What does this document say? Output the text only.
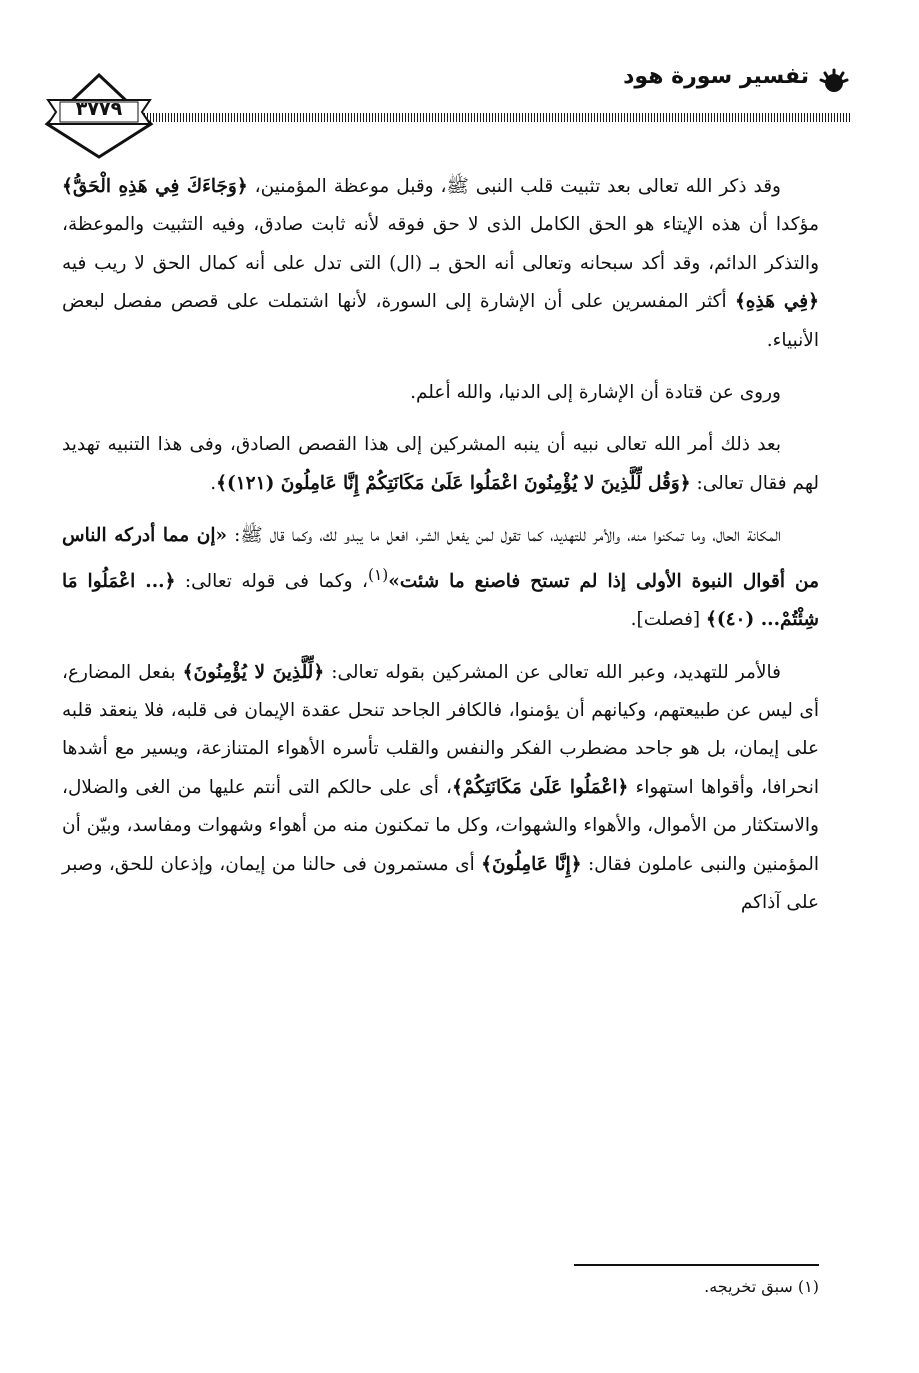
٣٧٧٩
تفسير سورة هود

وقد ذكر الله تعالى بعد تثبيت قلب النبى ﷺ، وقبل موعظة المؤمنين، ﴿وَجَاءَكَ فِي هَذِهِ الْحَقُّ﴾ مؤكدا أن هذه الإيتاء هو الحق الكامل الذى لا حق فوقه لأنه ثابت صادق، وفيه التثبيت والموعظة، والتذكر الدائم، وقد أكد سبحانه وتعالى أنه الحق بـ (ال) التى تدل على أنه كمال الحق لا ريب فيه ﴿فِي هَذِهِ﴾ أكثر المفسرين على أن الإشارة إلى السورة، لأنها اشتملت على قصص مفصل لبعض الأنبياء.

وروى عن قتادة أن الإشارة إلى الدنيا، والله أعلم.

بعد ذلك أمر الله تعالى نبيه أن ينبه المشركين إلى هذا القصص الصادق، وفى هذا التنبيه تهديد لهم فقال تعالى: ﴿وَقُل لِّلَّذِينَ لا يُؤْمِنُونَ اعْمَلُوا عَلَىٰ مَكَانَتِكُمْ إِنَّا عَامِلُونَ (١٢١)﴾.

المكانة الحال، وما تمكنوا منه، والأمر للتهديد، كما تقول لمن يفعل الشر، افعل ما يبدو لك، وكما قال ﷺ: «إن مما أدركه الناس من أقوال النبوة الأولى إذا لم تستح فاصنع ما شئت»$^{(١)}$، وكما فى قوله تعالى: ﴿... اعْمَلُوا مَا شِئْتُمْ... (٤٠)﴾ [فصلت].

فالأمر للتهديد، وعبر الله تعالى عن المشركين بقوله تعالى: ﴿لِّلَّذِينَ لا يُؤْمِنُونَ﴾ بفعل المضارع، أى ليس عن طبيعتهم، وكيانهم أن يؤمنوا، فالكافر الجاحد تنحل عقدة الإيمان فى قلبه، فلا ينعقد قلبه على إيمان، بل هو جاحد مضطرب الفكر والنفس والقلب تأسره الأهواء المتنازعة، ويسير مع أشدها انحرافا، وأقواها استهواء ﴿اعْمَلُوا عَلَىٰ مَكَانَتِكُمْ﴾، أى على حالكم التى أنتم عليها من الغى والضلال، والاستكثار من الأموال، والأهواء والشهوات، وكل ما تمكنون منه من أهواء وشهوات ومفاسد، وبيّن أن المؤمنين والنبى عاملون فقال: ﴿إِنَّا عَامِلُونَ﴾ أى مستمرون فى حالنا من إيمان، وإذعان للحق، وصبر على آذاكم

(١) سبق تخريجه.
